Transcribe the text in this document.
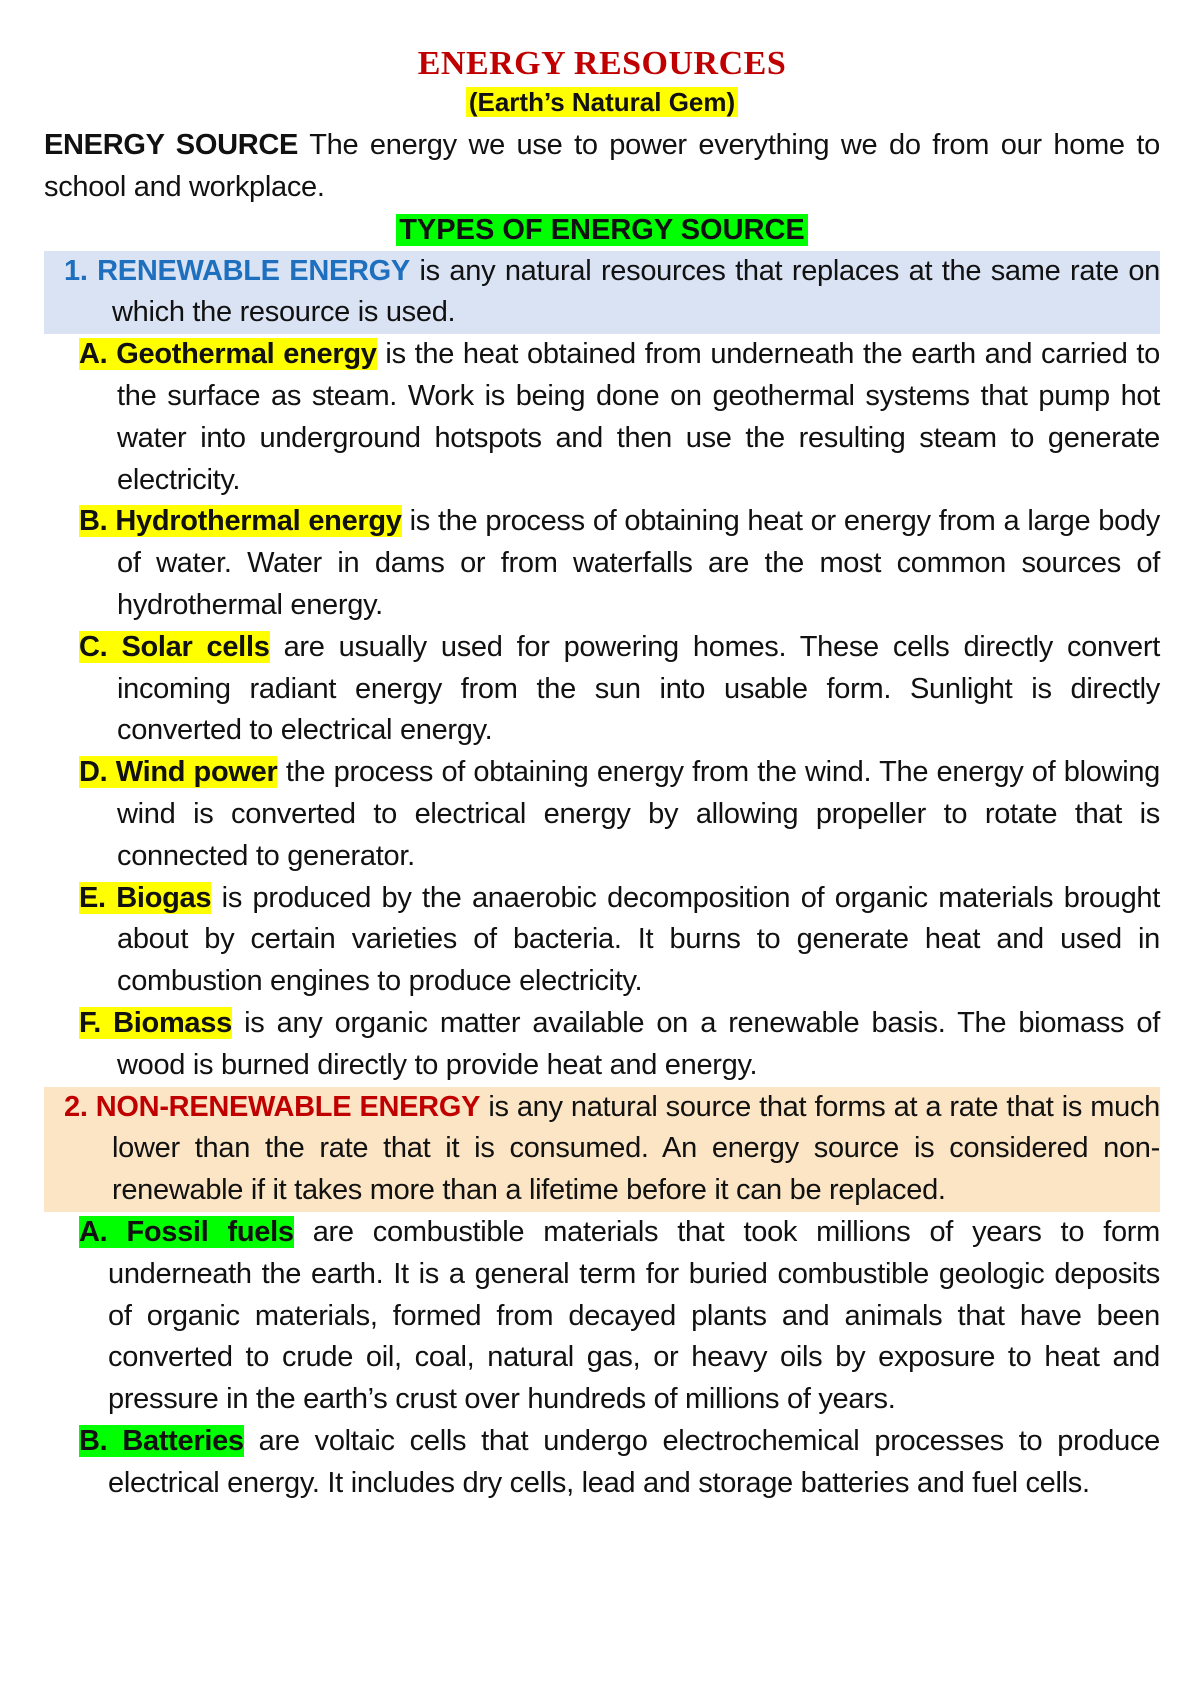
ENERGY RESOURCES
(Earth’s Natural Gem)

ENERGY SOURCE The energy we use to power everything we do from our home to school and workplace.

TYPES OF ENERGY SOURCE

1. RENEWABLE ENERGY is any natural resources that replaces at the same rate on which the resource is used.

A. Geothermal energy is the heat obtained from underneath the earth and carried to the surface as steam. Work is being done on geothermal systems that pump hot water into underground hotspots and then use the resulting steam to generate electricity.

B. Hydrothermal energy is the process of obtaining heat or energy from a large body of water. Water in dams or from waterfalls are the most common sources of hydrothermal energy.

C. Solar cells are usually used for powering homes. These cells directly convert incoming radiant energy from the sun into usable form. Sunlight is directly converted to electrical energy.

D. Wind power the process of obtaining energy from the wind. The energy of blowing wind is converted to electrical energy by allowing propeller to rotate that is connected to generator.

E. Biogas is produced by the anaerobic decomposition of organic materials brought about by certain varieties of bacteria. It burns to generate heat and used in combustion engines to produce electricity.

F. Biomass is any organic matter available on a renewable basis. The biomass of wood is burned directly to provide heat and energy.

2. NON-RENEWABLE ENERGY is any natural source that forms at a rate that is much lower than the rate that it is consumed. An energy source is considered non-renewable if it takes more than a lifetime before it can be replaced.

A. Fossil fuels are combustible materials that took millions of years to form underneath the earth. It is a general term for buried combustible geologic deposits of organic materials, formed from decayed plants and animals that have been converted to crude oil, coal, natural gas, or heavy oils by exposure to heat and pressure in the earth’s crust over hundreds of millions of years.

B. Batteries are voltaic cells that undergo electrochemical processes to produce electrical energy. It includes dry cells, lead and storage batteries and fuel cells.
